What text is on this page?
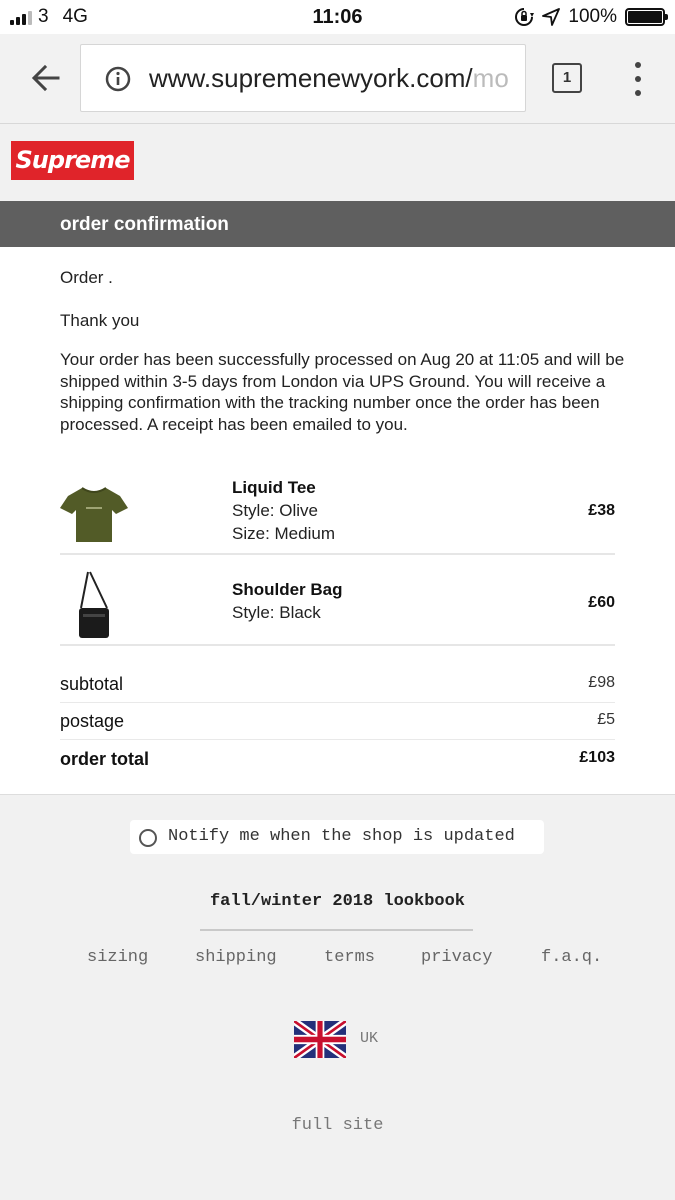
3 4G	11:06	100%
www.supremenewyork.com/mo	1
Supreme
order confirmation
Order .
Thank you
Your order has been successfully processed on Aug 20 at 11:05 and will be shipped within 3-5 days from London via UPS Ground. You will receive a shipping confirmation with the tracking number once the order has been processed. A receipt has been emailed to you.
Liquid Tee
Style: Olive
Size: Medium
£38
Shoulder Bag
Style: Black
£60
subtotal	£98
postage	£5
order total	£103
Notify me when the shop is updated
fall/winter 2018 lookbook
sizing	shipping	terms	privacy	f.a.q.
UK
full site
